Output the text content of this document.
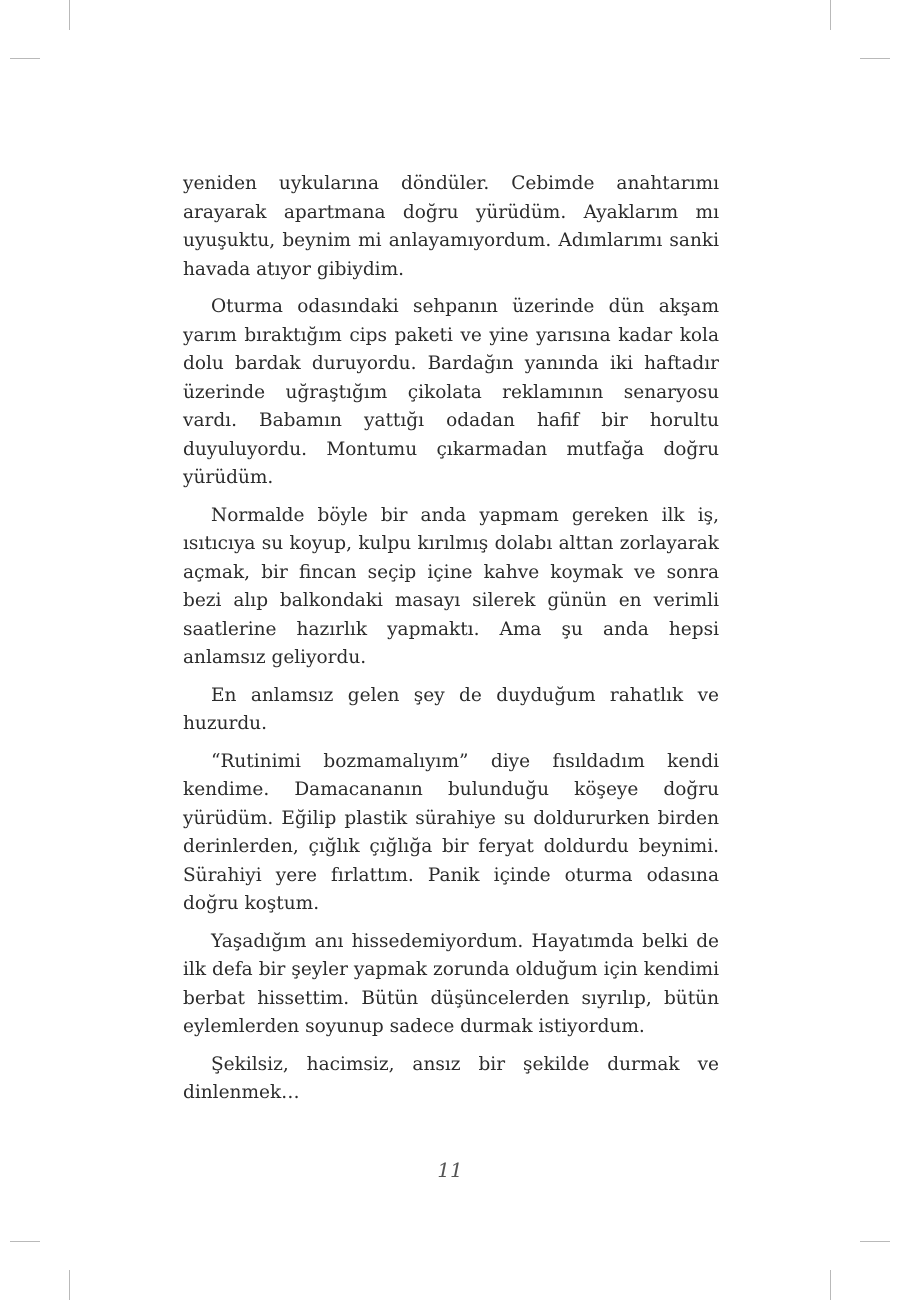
yeniden uykularına döndüler. Cebimde anahtarımı arayarak apartmana doğru yürüdüm. Ayaklarım mı uyuşuktu, beynim mi anlayamıyordum. Adımlarımı sanki havada atıyor gibiydim.

Oturma odasındaki sehpanın üzerinde dün akşam yarım bıraktığım cips paketi ve yine yarısına kadar kola dolu bardak duruyordu. Bardağın yanında iki haftadır üzerinde uğraştığım çikolata reklamının senaryosu vardı. Babamın yattığı odadan hafif bir horultu duyuluyordu. Montumu çıkarmadan mutfağa doğru yürüdüm.

Normalde böyle bir anda yapmam gereken ilk iş, ısıtıcıya su koyup, kulpu kırılmış dolabı alttan zorlayarak açmak, bir fincan seçip içine kahve koymak ve sonra bezi alıp balkondaki masayı silerek günün en verimli saatlerine hazırlık yapmaktı. Ama şu anda hepsi anlamsız geliyordu.

En anlamsız gelen şey de duyduğum rahatlık ve huzurdu.

“Rutinimi bozmamalıyım” diye fısıldadım kendi kendime. Damacananın bulunduğu köşeye doğru yürüdüm. Eğilip plastik sürahiye su doldururken birden derinlerden, çığlık çığlığa bir feryat doldurdu beynimi. Sürahiyi yere fırlattım. Panik içinde oturma odasına doğru koştum.

Yaşadığım anı hissedemiyordum. Hayatımda belki de ilk defa bir şeyler yapmak zorunda olduğum için kendimi berbat hissettim. Bütün düşüncelerden sıyrılıp, bütün eylemlerden soyunup sadece durmak istiyordum.

Şekilsiz, hacimsiz, ansız bir şekilde durmak ve dinlenmek…

11
